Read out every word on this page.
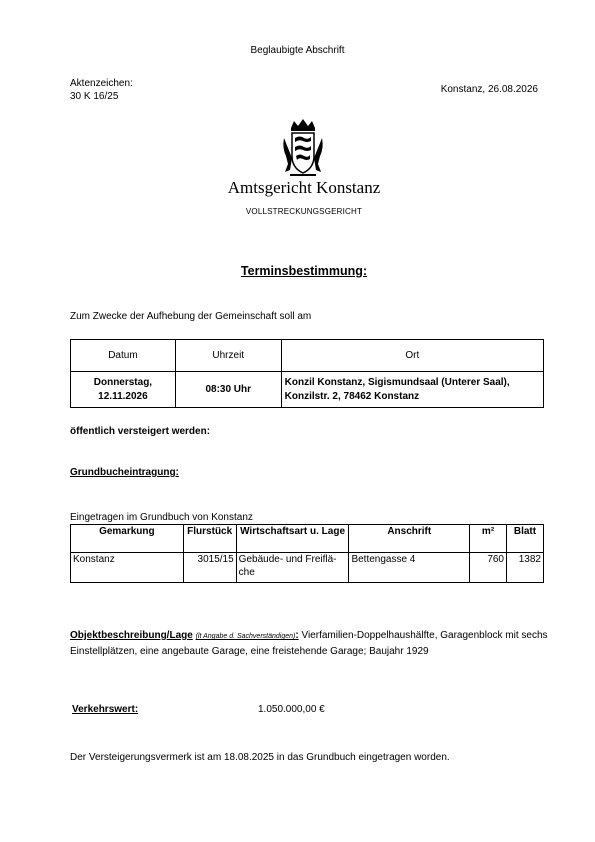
Beglaubigte Abschrift
Aktenzeichen:
30 K 16/25
Konstanz, 26.08.2026
Amtsgericht Konstanz
VOLLSTRECKUNGSGERICHT
Terminsbestimmung:
Zum Zwecke der Aufhebung der Gemeinschaft soll am
Datum	Uhrzeit	Ort

Donnerstag,
12.11.2026	08:30 Uhr	Konzil Konstanz, Sigismundsaal (Unterer Saal), Konzilstr. 2, 78462 Konstanz
öffentlich versteigert werden:
Grundbucheintragung:
Eingetragen im Grundbuch von Konstanz
Gemarkung	Flurstück	Wirtschaftsart u. Lage	Anschrift	m²	Blatt
Konstanz	3015/15	Gebäude- und Freiflä-che	Bettengasse 4	760	1382
Objektbeschreibung/Lage (lt Angabe d. Sachverständigen): Vierfamilien-Doppelhaushälfte, Garagenblock mit sechs Einstellplätzen, eine angebaute Garage, eine freistehende Garage; Baujahr 1929
Verkehrswert:	1.050.000,00 €
Der Versteigerungsvermerk ist am 18.08.2025 in das Grundbuch eingetragen worden.
